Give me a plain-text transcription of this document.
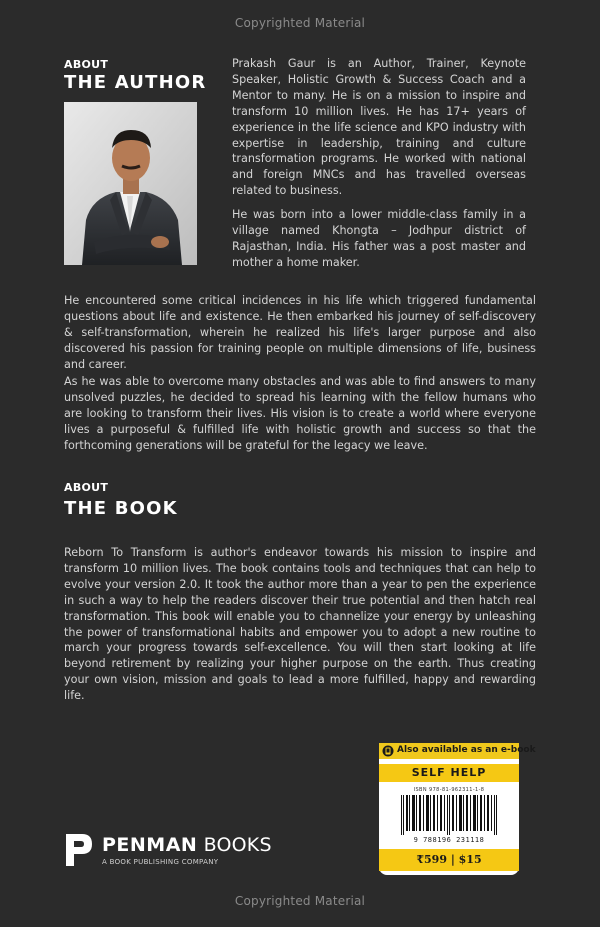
Copyrighted Material
ABOUT
THE AUTHOR

Prakash Gaur is an Author, Trainer, Keynote Speaker, Holistic Growth & Success Coach and a Mentor to many. He is on a mission to inspire and transform 10 million lives. He has 17+ years of experience in the life science and KPO industry with expertise in leadership, training and culture transformation programs. He worked with national and foreign MNCs and has travelled overseas related to business.

He was born into a lower middle-class family in a village named Khongta – Jodhpur district of Rajasthan, India. His father was a post master and mother a home maker.

He encountered some critical incidences in his life which triggered fundamental questions about life and existence. He then embarked his journey of self-discovery & self-transformation, wherein he realized his life's larger purpose and also discovered his passion for training people on multiple dimensions of life, business and career.

As he was able to overcome many obstacles and was able to find answers to many unsolved puzzles, he decided to spread his learning with the fellow humans who are looking to transform their lives. His vision is to create a world where everyone lives a purposeful & fulfilled life with holistic growth and success so that the forthcoming generations will be grateful for the legacy we leave.

ABOUT
THE BOOK

Reborn To Transform is author's endeavor towards his mission to inspire and transform 10 million lives. The book contains tools and techniques that can help to evolve your version 2.0. It took the author more than a year to pen the experience in such a way to help the readers discover their true potential and then hatch real transformation. This book will enable you to channelize your energy by unleashing the power of transformational habits and empower you to adopt a new routine to march your progress towards self-excellence. You will then start looking at life beyond retirement by realizing your higher purpose on the earth. Thus creating your own vision, mission and goals to lead a more fulfilled, happy and rewarding life.

PENMAN BOOKS
A BOOK PUBLISHING COMPANY
Also available as an e-book
SELF HELP
ISBN 978-81-962311-1-8
9 788196 231118
₹599 | $15
Copyrighted Material
